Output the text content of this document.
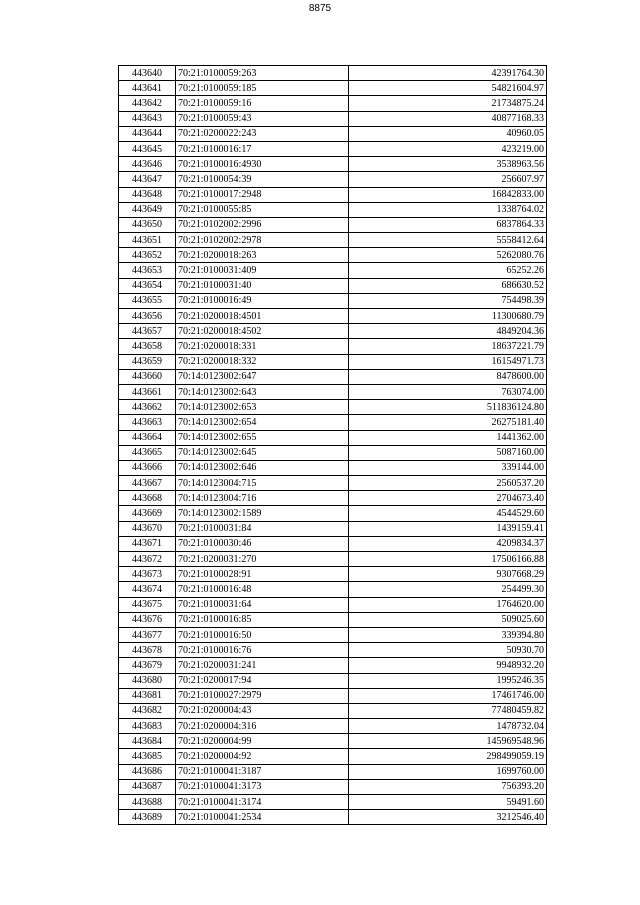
8875
443640	70:21:0100059:263	42391764.30
443641	70:21:0100059:185	54821604.97
443642	70:21:0100059:16	21734875.24
443643	70:21:0100059:43	40877168.33
443644	70:21:0200022:243	40960.05
443645	70:21:0100016:17	423219.00
443646	70:21:0100016:4930	3538963.56
443647	70:21:0100054:39	256607.97
443648	70:21:0100017:2948	16842833.00
443649	70:21:0100055:85	1338764.02
443650	70:21:0102002:2996	6837864.33
443651	70:21:0102002:2978	5558412.64
443652	70:21:0200018:263	5262080.76
443653	70:21:0100031:409	65252.26
443654	70:21:0100031:40	686630.52
443655	70:21:0100016:49	754498.39
443656	70:21:0200018:4501	11300680.79
443657	70:21:0200018:4502	4849204.36
443658	70:21:0200018:331	18637221.79
443659	70:21:0200018:332	16154971.73
443660	70:14:0123002:647	8478600.00
443661	70:14:0123002:643	763074.00
443662	70:14:0123002:653	511836124.80
443663	70:14:0123002:654	26275181.40
443664	70:14:0123002:655	1441362.00
443665	70:14:0123002:645	5087160.00
443666	70:14:0123002:646	339144.00
443667	70:14:0123004:715	2560537.20
443668	70:14:0123004:716	2704673.40
443669	70:14:0123002:1589	4544529.60
443670	70:21:0100031:84	1439159.41
443671	70:21:0100030:46	4209834.37
443672	70:21:0200031:270	17506166.88
443673	70:21:0100028:91	9307668.29
443674	70:21:0100016:48	254499.30
443675	70:21:0100031:64	1764620.00
443676	70:21:0100016:85	509025.60
443677	70:21:0100016:50	339394.80
443678	70:21:0100016:76	50930.70
443679	70:21:0200031:241	9948932.20
443680	70:21:0200017:94	1995246.35
443681	70:21:0100027:2979	17461746.00
443682	70:21:0200004:43	77480459.82
443683	70:21:0200004:316	1478732.04
443684	70:21:0200004:99	145969548.96
443685	70:21:0200004:92	298499059.19
443686	70:21:0100041:3187	1699760.00
443687	70:21:0100041:3173	756393.20
443688	70:21:0100041:3174	59491.60
443689	70:21:0100041:2534	3212546.40
